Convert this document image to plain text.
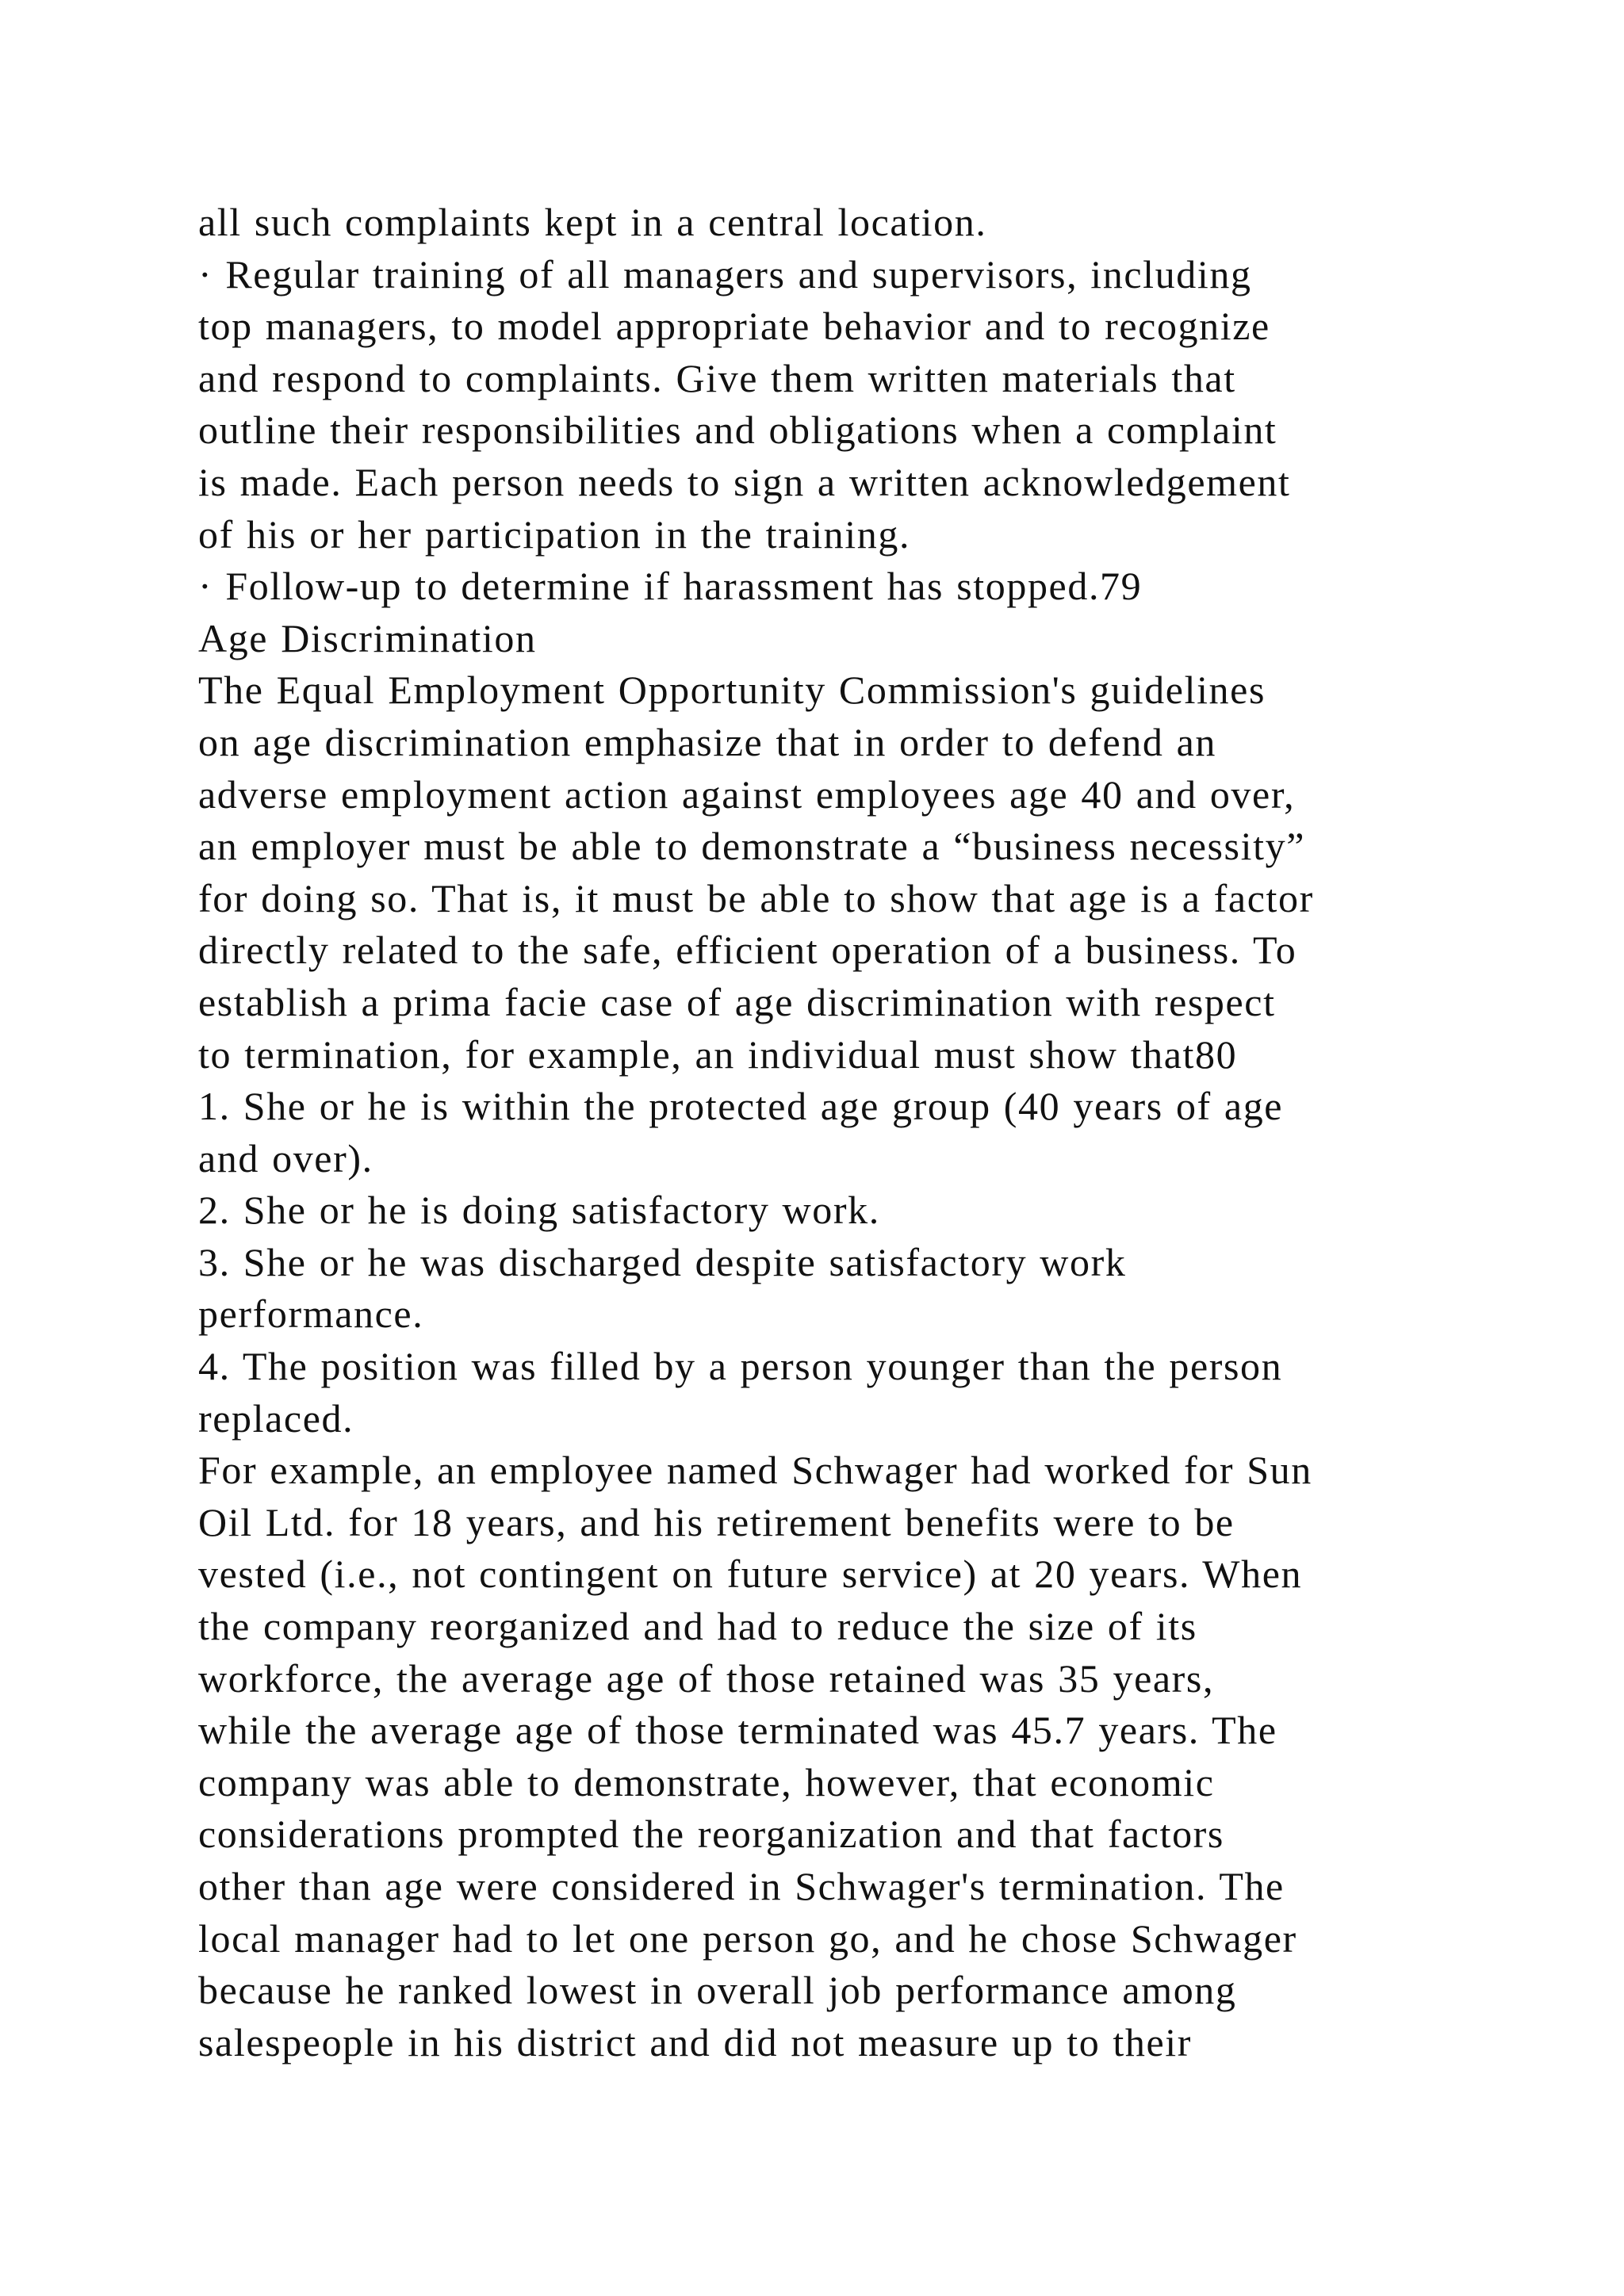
all such complaints kept in a central location.
· Regular training of all managers and supervisors, including
top managers, to model appropriate behavior and to recognize
and respond to complaints. Give them written materials that
outline their responsibilities and obligations when a complaint
is made. Each person needs to sign a written acknowledgement
of his or her participation in the training.
· Follow-up to determine if harassment has stopped.79
Age Discrimination
The Equal Employment Opportunity Commission's guidelines
on age discrimination emphasize that in order to defend an
adverse employment action against employees age 40 and over,
an employer must be able to demonstrate a “business necessity”
for doing so. That is, it must be able to show that age is a factor
directly related to the safe, efficient operation of a business. To
establish a prima facie case of age discrimination with respect
to termination, for example, an individual must show that80
1. She or he is within the protected age group (40 years of age
and over).
2. She or he is doing satisfactory work.
3. She or he was discharged despite satisfactory work
performance.
4. The position was filled by a person younger than the person
replaced.
For example, an employee named Schwager had worked for Sun
Oil Ltd. for 18 years, and his retirement benefits were to be
vested (i.e., not contingent on future service) at 20 years. When
the company reorganized and had to reduce the size of its
workforce, the average age of those retained was 35 years,
while the average age of those terminated was 45.7 years. The
company was able to demonstrate, however, that economic
considerations prompted the reorganization and that factors
other than age were considered in Schwager's termination. The
local manager had to let one person go, and he chose Schwager
because he ranked lowest in overall job performance among
salespeople in his district and did not measure up to their
